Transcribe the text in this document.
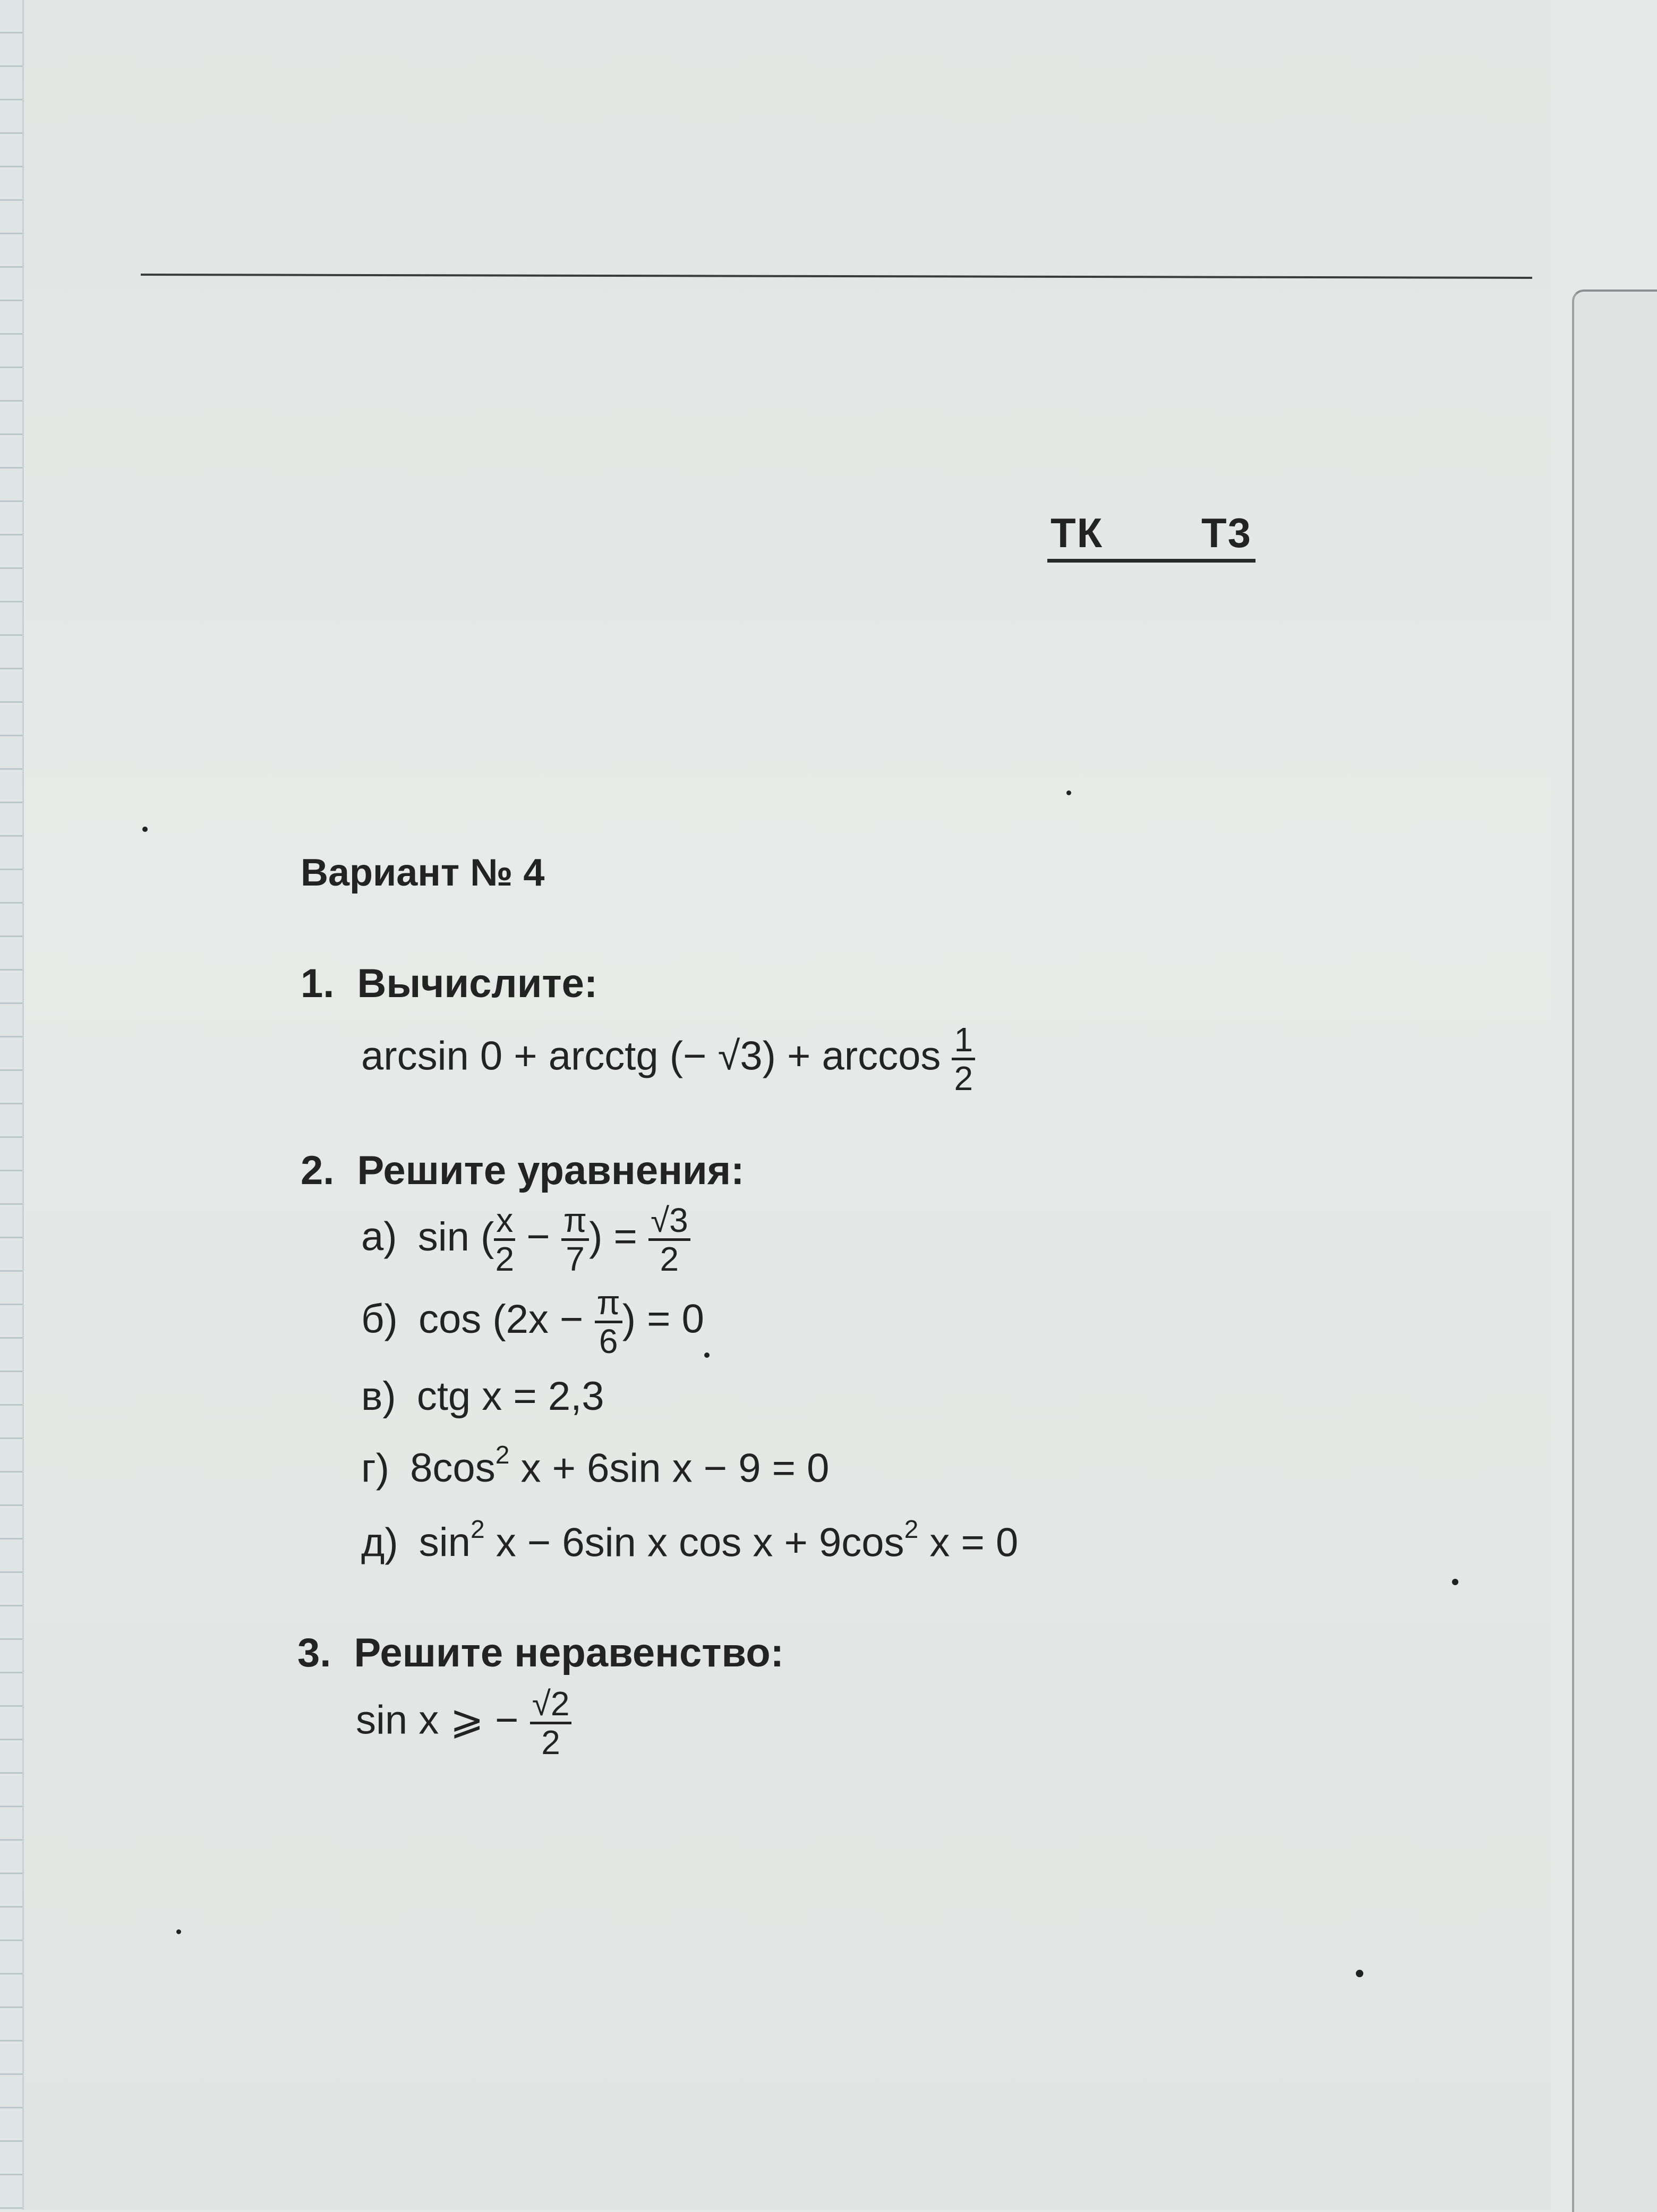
ТК Т3
Вариант № 4
1. Вычислите:
arcsin 0 + arcctg (− $√3) + \arccos \frac{1}{2}$
2. Решите уравнения:
а) sin ( $\frac{x}{2} - \frac{\pi}{7}$ ) = $\frac{√3}{2}$
б) $\cos (2x - \frac{\pi}{6}$ ) = 0
в) ctg x = 2,3
г) $8\cos^2$ x + 6sin x − 9 = 0
д) $\sin^2 x - 6\sin$ x $\cos x + 9\cos^2$ x = 0
3. Решите неравенство:
sin x ⩾ − $\frac{√2}{2}$
